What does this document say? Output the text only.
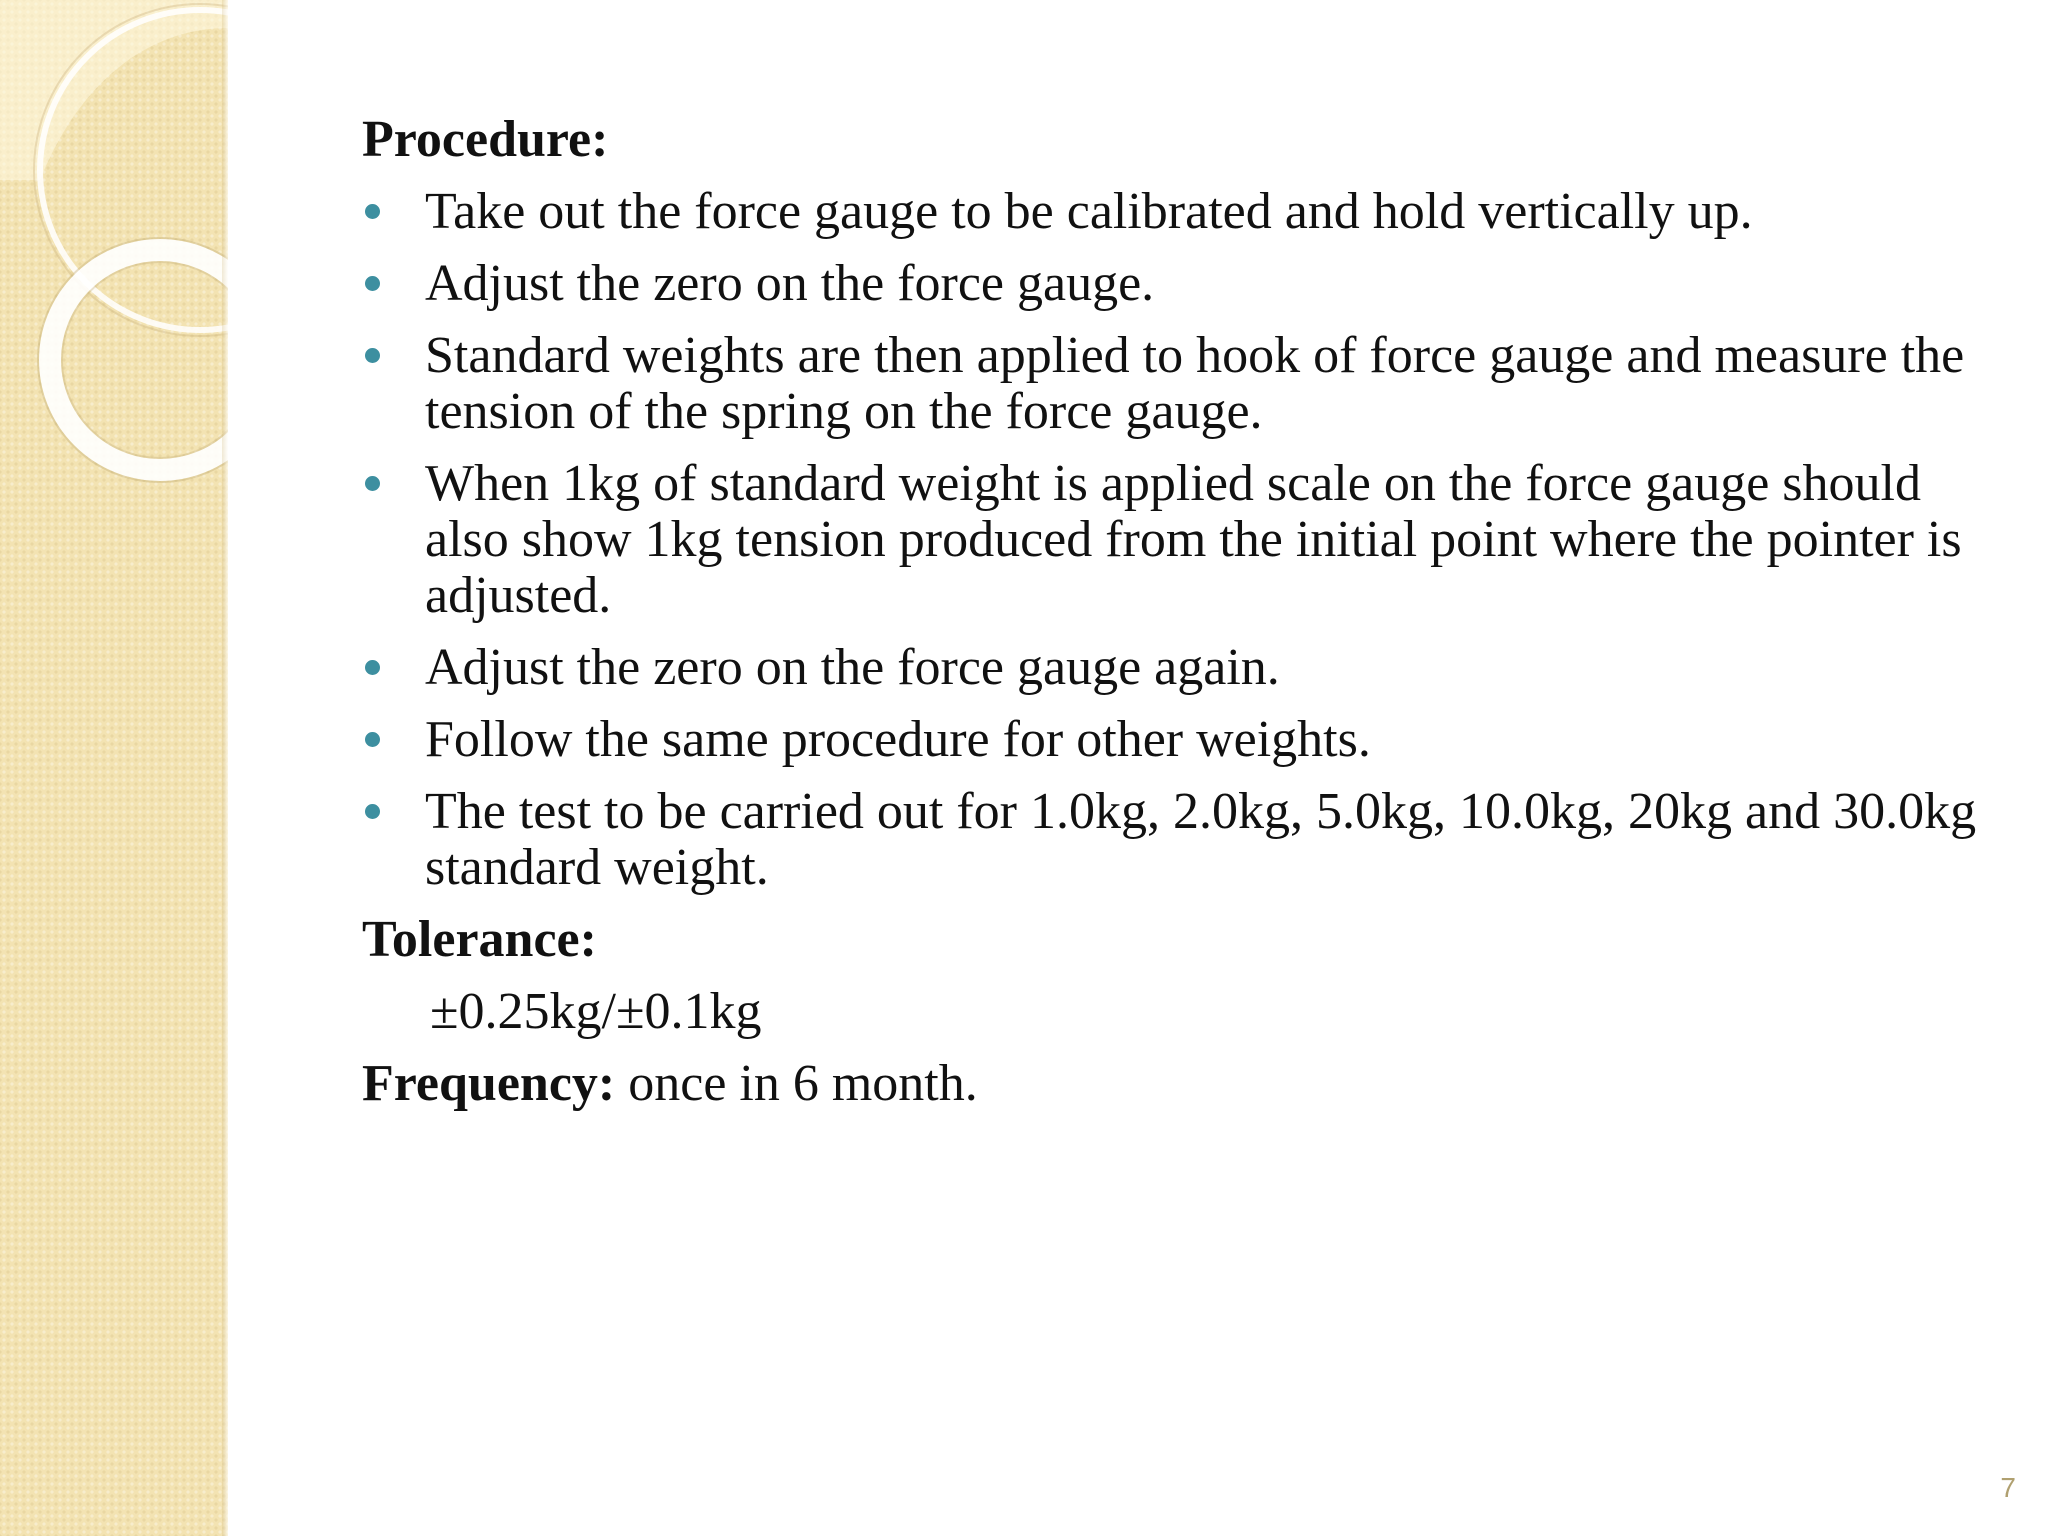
Procedure:
Take out the force gauge to be calibrated and hold vertically up.
Adjust the zero on the force gauge.
Standard weights are then applied to hook of force gauge and measure the tension of the spring on the force gauge.
When 1kg of standard weight is applied scale on the force gauge should also show 1kg tension produced from the initial point where the pointer is adjusted.
Adjust the zero on the force gauge again.
Follow the same procedure for other weights.
The test to be carried out for 1.0kg, 2.0kg, 5.0kg, 10.0kg, 20kg and 30.0kg standard weight.
Tolerance:
±0.25kg/±0.1kg
Frequency: once in 6 month.
7
